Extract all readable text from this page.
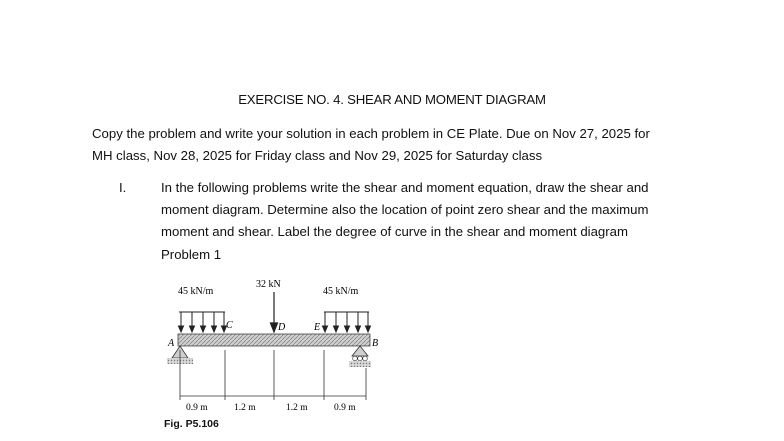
EXERCISE NO. 4. SHEAR AND MOMENT DIAGRAM
Copy the problem and write your solution in each problem in CE Plate. Due on Nov 27, 2025 for
MH class, Nov 28, 2025 for Friday class and Nov 29, 2025 for Saturday class
I.	In the following problems write the shear and moment equation, draw the shear and
moment diagram. Determine also the location of point zero shear and the maximum
moment and shear. Label the degree of curve in the shear and moment diagram
Problem 1
45 kN/m
32 kN
45 kN/m
A	B
C	D	E
0.9 m	1.2 m	1.2 m	0.9 m
Fig. P5.106
